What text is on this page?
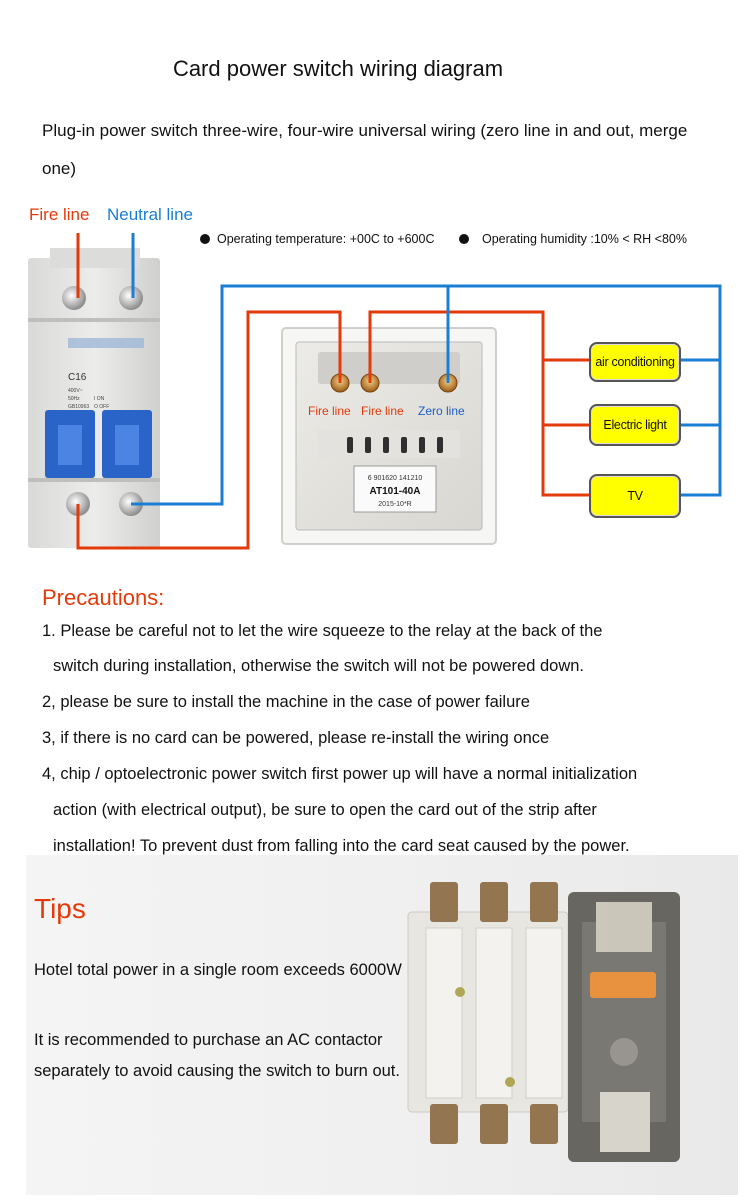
Card power switch wiring diagram
Plug-in power switch three-wire, four-wire universal wiring (zero line in and out, merge one)
Fire line Neutral line
Operating temperature: +00C to +600C	Operating humidity :10% < RH <80%
C16
400V~
50Hz
GB10963
I ON
O OFF
6 901620 141210
AT101-40A
2015-10*R
Fire line Fire line Zero line
air conditioning
Electric light
TV
Precautions:
1. Please be careful not to let the wire squeeze to the relay at the back of the
switch during installation, otherwise the switch will not be powered down.
2, please be sure to install the machine in the case of power failure
3, if there is no card can be powered, please re-install the wiring once
4, chip / optoelectronic power switch first power up will have a normal initialization
action (with electrical output), be sure to open the card out of the strip after
installation! To prevent dust from falling into the card seat caused by the power.
Tips
Hotel total power in a single room exceeds 6000W
It is recommended to purchase an AC contactor
separately to avoid causing the switch to burn out.
